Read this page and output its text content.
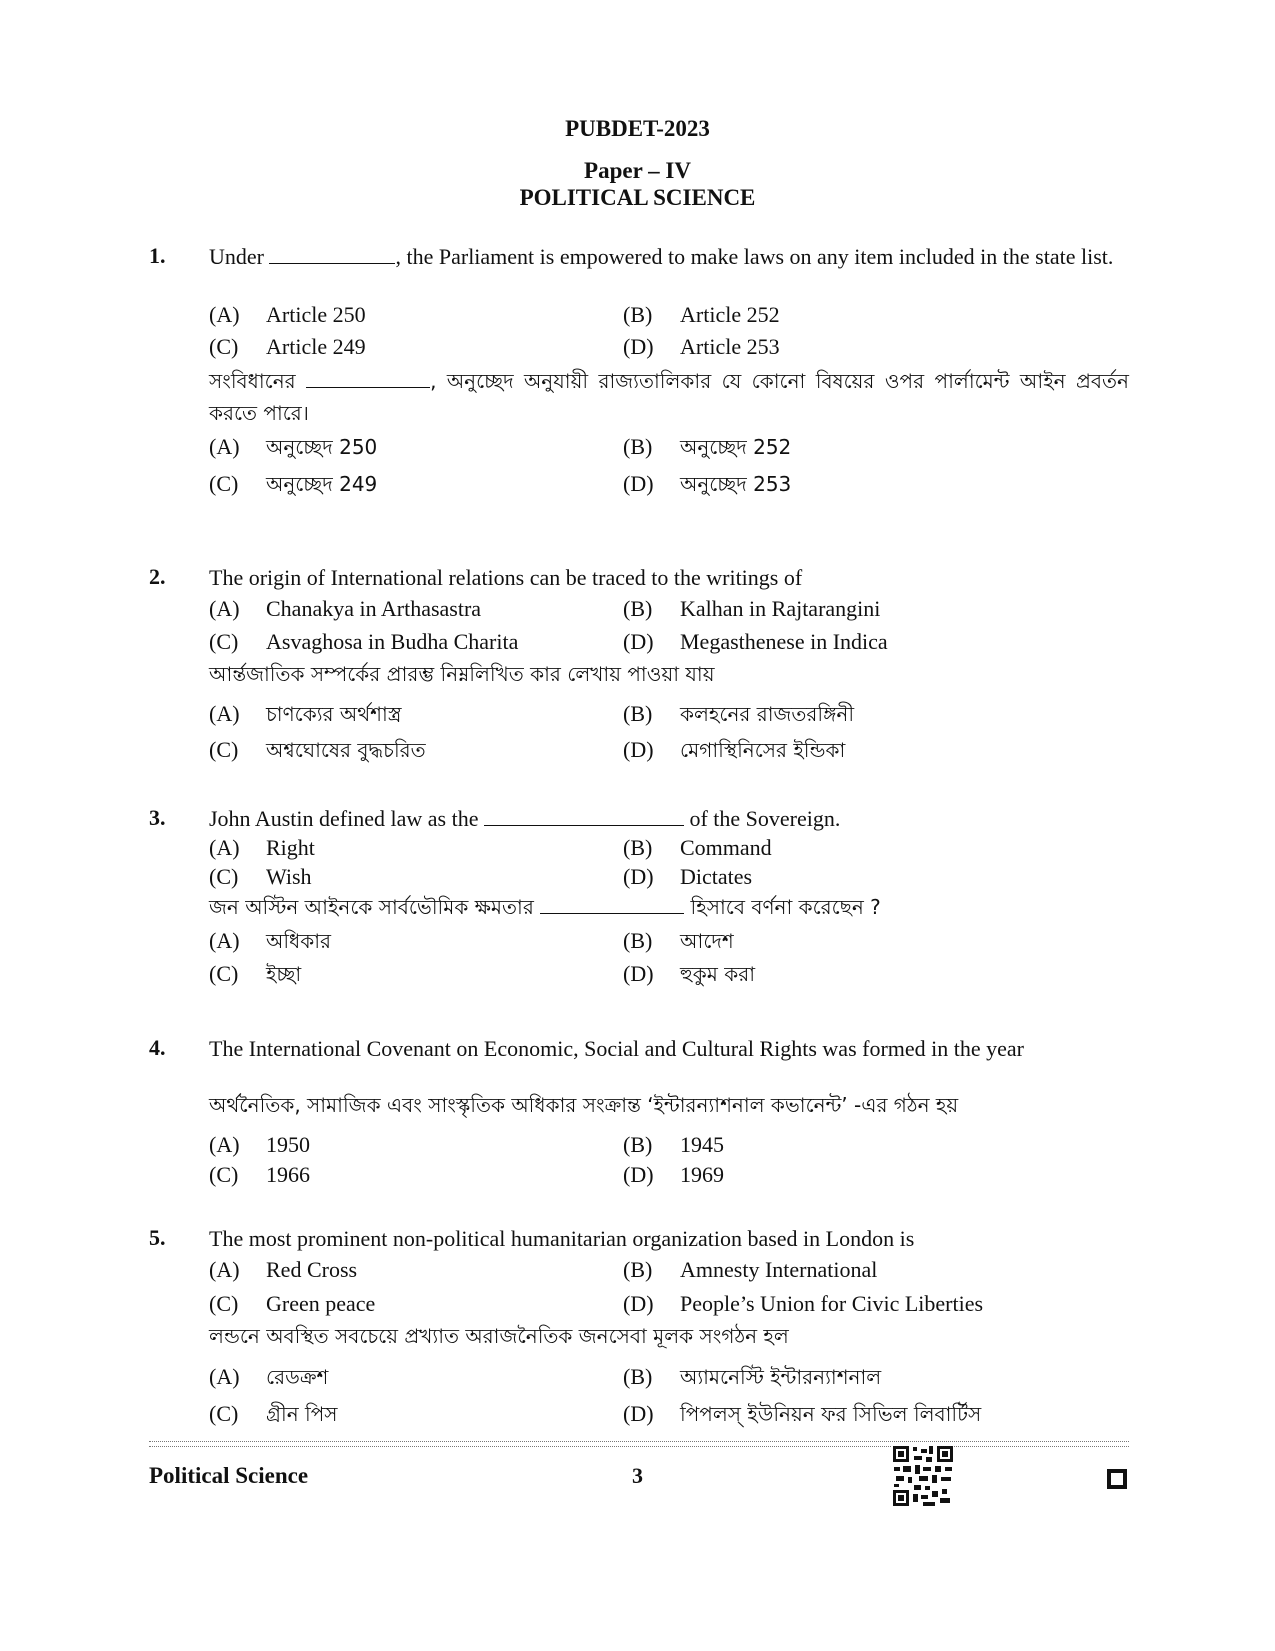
PUBDET-2023
Paper – IV
POLITICAL SCIENCE
1. Under	, the Parliament is empowered to make laws on any item included in the state list.
(A) Article 250	(B) Article 252
(C) Article 249	(D) Article 253
সংবিধানের	, অনুচ্ছেদ অনুযায়ী রাজ্যতালিকার যে কোনো বিষয়ের ওপর পার্লামেন্ট আইন প্রবর্তন করতে পারে।
(A) অনুচ্ছেদ 250	(B) অনুচ্ছেদ 252
(C) অনুচ্ছেদ 249	(D) অনুচ্ছেদ 253
2. The origin of International relations can be traced to the writings of
(A) Chanakya in Arthasastra	(B) Kalhan in Rajtarangini
(C) Asvaghosa in Budha Charita	(D) Megasthenese in Indica
আর্ন্তজাতিক সম্পর্কের প্রারম্ভ নিম্নলিখিত কার লেখায় পাওয়া যায়
(A) চাণক্যের অর্থশাস্ত্র	(B) কলহনের রাজতরঙ্গিনী
(C) অশ্বঘোষের বুদ্ধচরিত	(D) মেগাস্থিনিসের ইন্ডিকা
3. John Austin defined law as the	of the Sovereign.
(A) Right	(B) Command
(C) Wish	(D) Dictates
জন অস্টিন আইনকে সার্বভৌমিক ক্ষমতার	হিসাবে বর্ণনা করেছেন ?
(A) অধিকার	(B) আদেশ
(C) ইচ্ছা	(D) হুকুম করা
4. The International Covenant on Economic, Social and Cultural Rights was formed in the year
অর্থনৈতিক, সামাজিক এবং সাংস্কৃতিক অধিকার সংক্রান্ত ‘ইন্টারন্যাশনাল কভানেন্ট’ -এর গঠন হয়
(A) 1950	(B) 1945
(C) 1966	(D) 1969
5. The most prominent non-political humanitarian organization based in London is
(A) Red Cross	(B) Amnesty International
(C) Green peace	(D) People’s Union for Civic Liberties
লন্ডনে অবস্থিত সবচেয়ে প্রখ্যাত অরাজনৈতিক জনসেবা মূলক সংগঠন হল
(A) রেডক্রশ	(B) অ্যামনেস্টি ইন্টারন্যাশনাল
(C) গ্রীন পিস	(D) পিপলস্ ইউনিয়ন ফর সিভিল লিবার্টিস
Political Science	3
